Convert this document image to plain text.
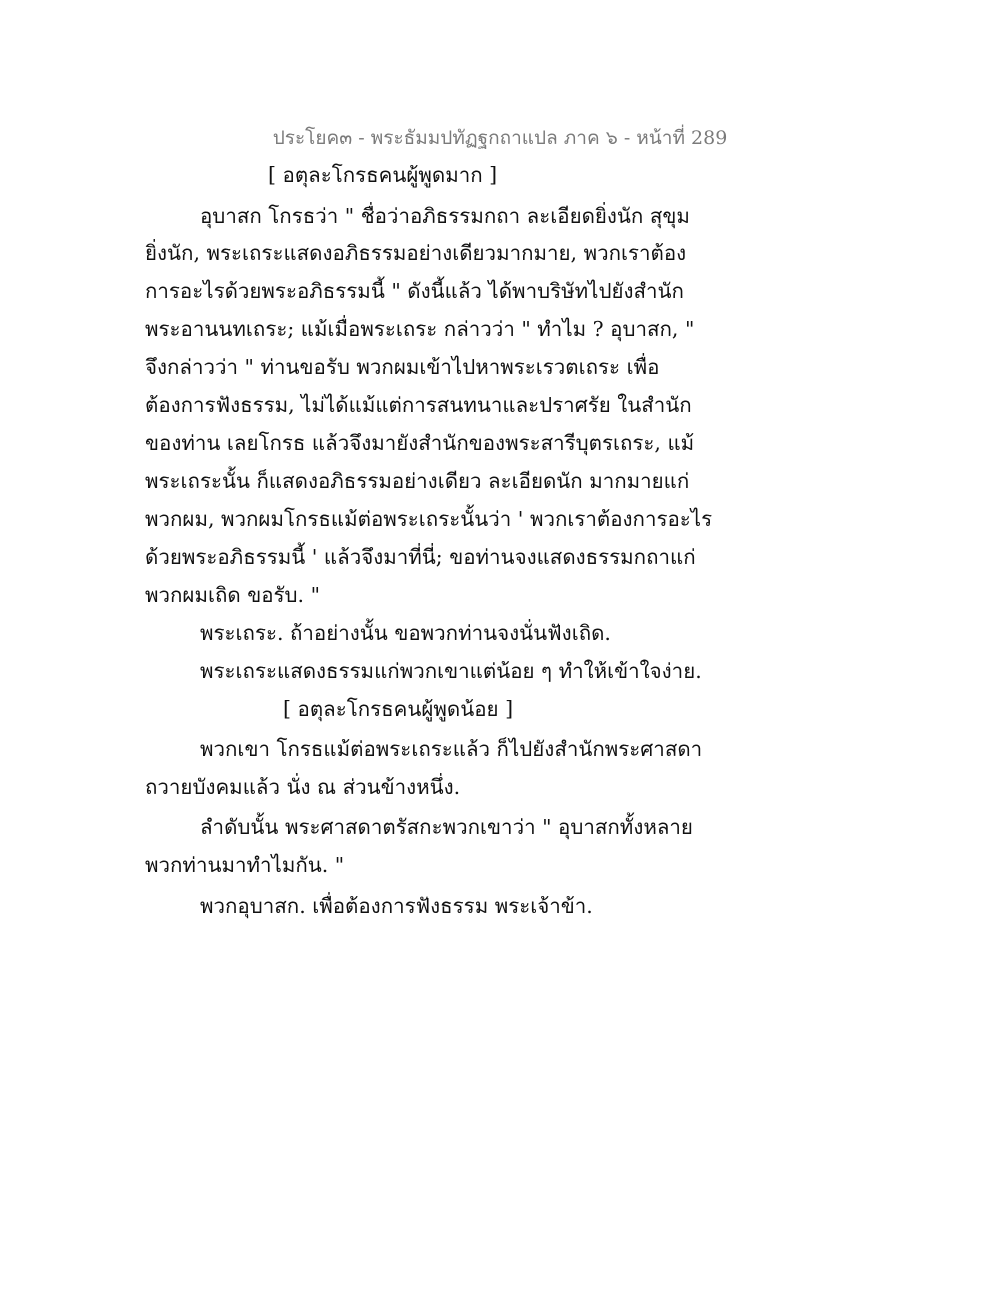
ประโยค๓ - พระธัมมปทัฏฐกถาแปล ภาค ๖ - หน้าที่ 289
[ อตุละโกรธคนผู้พูดมาก ]
อุบาสก โกรธว่า " ชื่อว่าอภิธรรมกถา ละเอียดยิ่งนัก สุขุม
ยิ่งนัก, พระเถระแสดงอภิธรรมอย่างเดียวมากมาย, พวกเราต้อง
การอะไรด้วยพระอภิธรรมนี้ " ดังนี้แล้ว ได้พาบริษัทไปยังสำนัก
พระอานนทเถระ; แม้เมื่อพระเถระ กล่าวว่า " ทำไม ? อุบาสก, "
จึงกล่าวว่า " ท่านขอรับ พวกผมเข้าไปหาพระเรวตเถระ เพื่อ
ต้องการฟังธรรม, ไม่ได้แม้แต่การสนทนาและปราศรัย ในสำนัก
ของท่าน เลยโกรธ แล้วจึงมายังสำนักของพระสารีบุตรเถระ, แม้
พระเถระนั้น ก็แสดงอภิธรรมอย่างเดียว ละเอียดนัก มากมายแก่
พวกผม, พวกผมโกรธแม้ต่อพระเถระนั้นว่า ' พวกเราต้องการอะไร
ด้วยพระอภิธรรมนี้ ' แล้วจึงมาที่นี่; ขอท่านจงแสดงธรรมกถาแก่
พวกผมเถิด ขอรับ. "
พระเถระ. ถ้าอย่างนั้น ขอพวกท่านจงนั่นฟังเถิด.
พระเถระแสดงธรรมแก่พวกเขาแต่น้อย ๆ ทำให้เข้าใจง่าย.
[ อตุละโกรธคนผู้พูดน้อย ]
พวกเขา โกรธแม้ต่อพระเถระแล้ว ก็ไปยังสำนักพระศาสดา
ถวายบังคมแล้ว นั่ง ณ ส่วนข้างหนึ่ง.
ลำดับนั้น พระศาสดาตรัสกะพวกเขาว่า " อุบาสกทั้งหลาย
พวกท่านมาทำไมกัน. "
พวกอุบาสก. เพื่อต้องการฟังธรรม พระเจ้าข้า.
